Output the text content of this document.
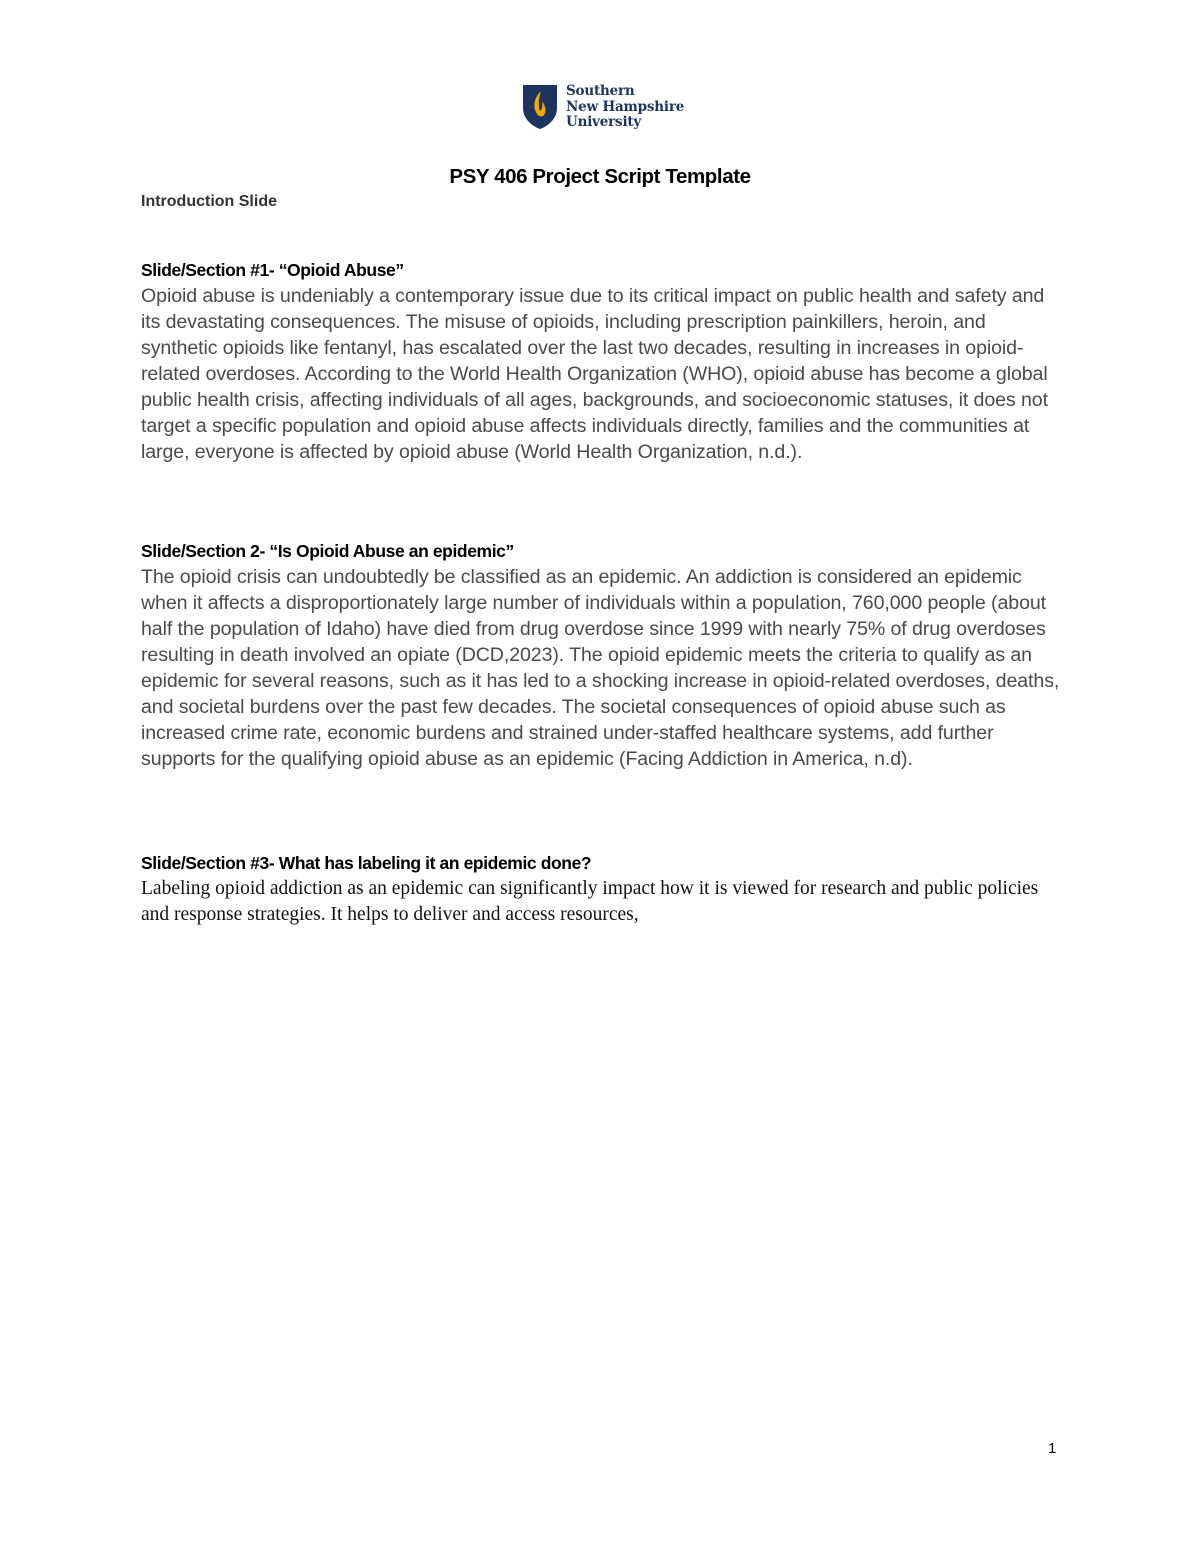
Southern
New Hampshire
University
PSY 406 Project Script Template

Introduction Slide

Slide/Section #1- “Opioid Abuse”

Opioid abuse is undeniably a contemporary issue due to its critical impact on public health and safety and its devastating consequences. The misuse of opioids, including prescription painkillers, heroin, and synthetic opioids like fentanyl, has escalated over the last two decades, resulting in increases in opioid- related overdoses. According to the World Health Organization (WHO), opioid abuse has become a global public health crisis, affecting individuals of all ages, backgrounds, and socioeconomic statuses, it does not target a specific population and opioid abuse affects individuals directly, families and the communities at large, everyone is affected by opioid abuse (World Health Organization, n.d.).

Slide/Section 2- “Is Opioid Abuse an epidemic”

The opioid crisis can undoubtedly be classified as an epidemic. An addiction is considered an epidemic when it affects a disproportionately large number of individuals within a population, 760,000 people (about half the population of Idaho) have died from drug overdose since 1999 with nearly 75% of drug overdoses resulting in death involved an opiate (DCD,2023). The opioid epidemic meets the criteria to qualify as an epidemic for several reasons, such as it has led to a shocking increase in opioid-related overdoses, deaths, and societal burdens over the past few decades. The societal consequences of opioid abuse such as increased crime rate, economic burdens and strained under-staffed healthcare systems, add further supports for the qualifying opioid abuse as an epidemic (Facing Addiction in America, n.d).

Slide/Section #3- What has labeling it an epidemic done?

Labeling opioid addiction as an epidemic can significantly impact how it is viewed for research and public policies and response strategies. It helps to deliver and access resources,

1
